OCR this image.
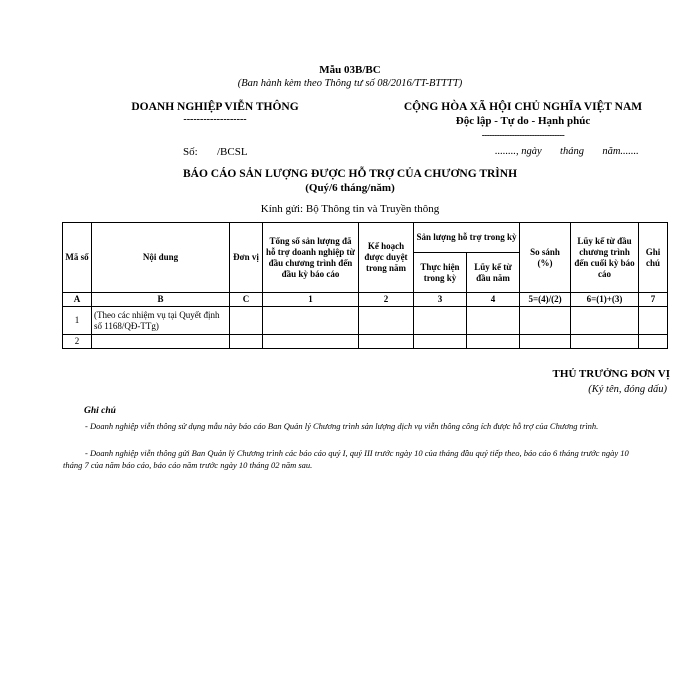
Mẫu 03B/BC
(Ban hành kèm theo Thông tư số 08/2016/TT-BTTTT)
DOANH NGHIỆP VIỄN THÔNG
-------------------
CỘNG HÒA XÃ HỘI CHỦ NGHĨA VIỆT NAM
Độc lập - Tự do - Hạnh phúc
---------------------------------
Số: /BCSL	........, ngày       tháng       năm.......
BÁO CÁO SẢN LƯỢNG ĐƯỢC HỖ TRỢ CỦA CHƯƠNG TRÌNH
(Quý/6 tháng/năm)
Kính gửi: Bộ Thông tin và Truyền thông
Mã số	Nội dung	Đơn vị	Tổng số sản lượng đã hỗ trợ doanh nghiệp từ đầu chương trình đến đầu kỳ báo cáo	Kế hoạch được duyệt trong năm	Sản lượng hỗ trợ trong kỳ		So sánh (%)	Lũy kế từ đầu chương trình đến cuối kỳ báo cáo	Ghi chú
					Thực hiện trong kỳ	Lũy kế từ đầu năm			
A	B	C	1	2	3	4	5=(4)/(2)	6=(1)+(3)	7
1	(Theo các nhiệm vụ tại Quyết định số 1168/QĐ-TTg)								
2									
THỦ TRƯỞNG ĐƠN VỊ
(Ký tên, đóng dấu)
Ghi chú
- Doanh nghiệp viễn thông sử dụng mẫu này báo cáo Ban Quản lý Chương trình sản lượng dịch vụ viễn thông công ích được hỗ trợ của Chương trình.
- Doanh nghiệp viễn thông gửi Ban Quản lý Chương trình các báo cáo quý I, quý III trước ngày 10 của tháng đầu quý tiếp theo, báo cáo 6 tháng trước ngày 10 tháng 7 của năm báo cáo, báo cáo năm trước ngày 10 tháng 02 năm sau.
